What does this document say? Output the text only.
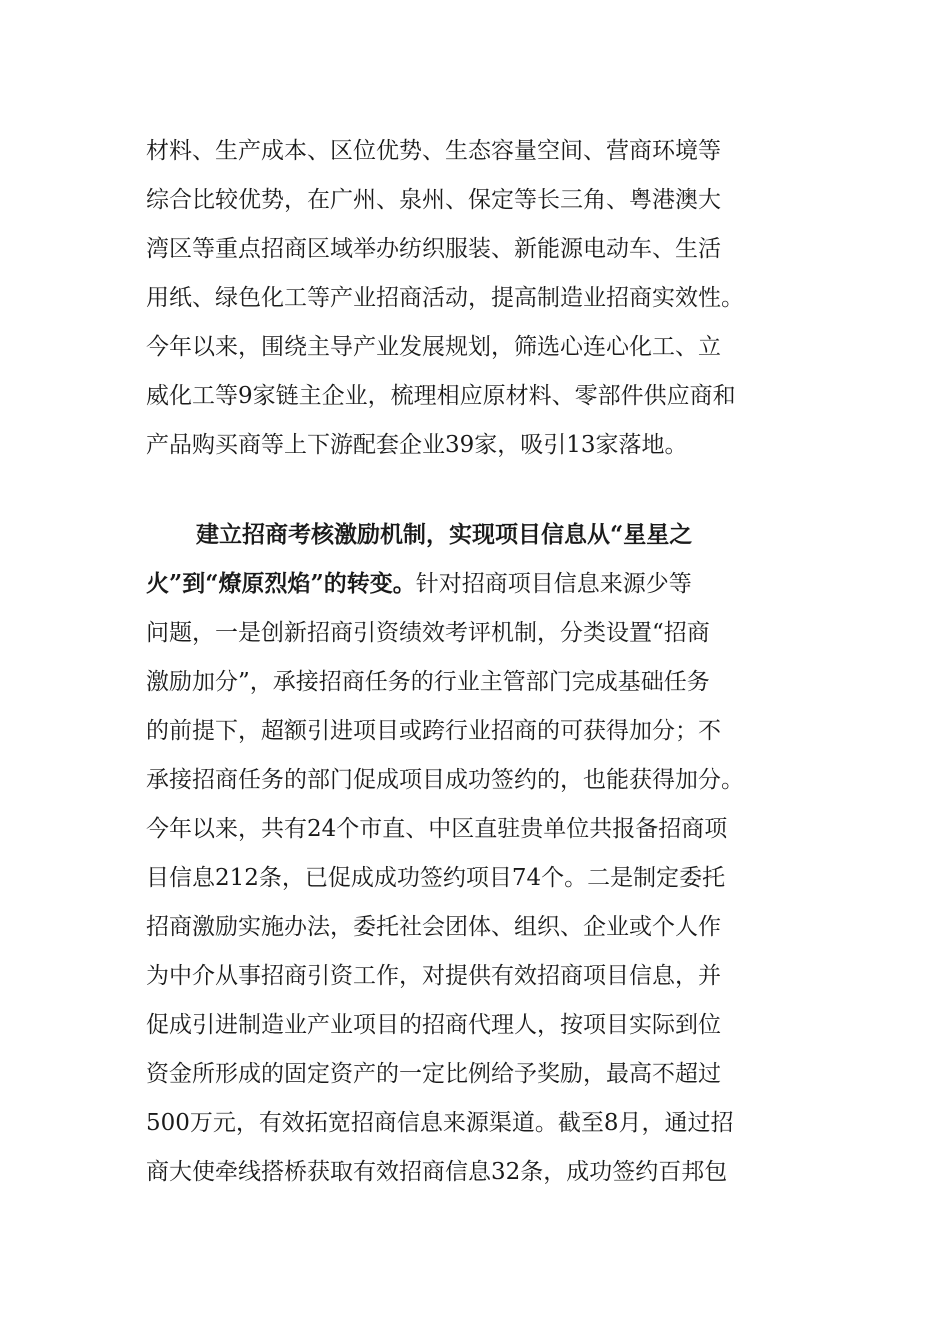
材料、生产成本、区位优势、生态容量空间、营商环境等
综合比较优势，在广州、泉州、保定等长三角、粤港澳大
湾区等重点招商区域举办纺织服装、新能源电动车、生活
用纸、绿色化工等产业招商活动，提高制造业招商实效性。
今年以来，围绕主导产业发展规划，筛选心连心化工、立
威化工等9家链主企业，梳理相应原材料、零部件供应商和
产品购买商等上下游配套企业39家，吸引13家落地。
建立招商考核激励机制，实现项目信息从“星星之
火”到“燎原烈焰”的转变。针对招商项目信息来源少等
问题，一是创新招商引资绩效考评机制，分类设置“招商
激励加分”，承接招商任务的行业主管部门完成基础任务
的前提下，超额引进项目或跨行业招商的可获得加分；不
承接招商任务的部门促成项目成功签约的，也能获得加分。
今年以来，共有24个市直、中区直驻贵单位共报备招商项
目信息212条，已促成成功签约项目74个。二是制定委托
招商激励实施办法，委托社会团体、组织、企业或个人作
为中介从事招商引资工作，对提供有效招商项目信息，并
促成引进制造业产业项目的招商代理人，按项目实际到位
资金所形成的固定资产的一定比例给予奖励，最高不超过
500万元，有效拓宽招商信息来源渠道。截至8月，通过招
商大使牵线搭桥获取有效招商信息32条，成功签约百邦包
